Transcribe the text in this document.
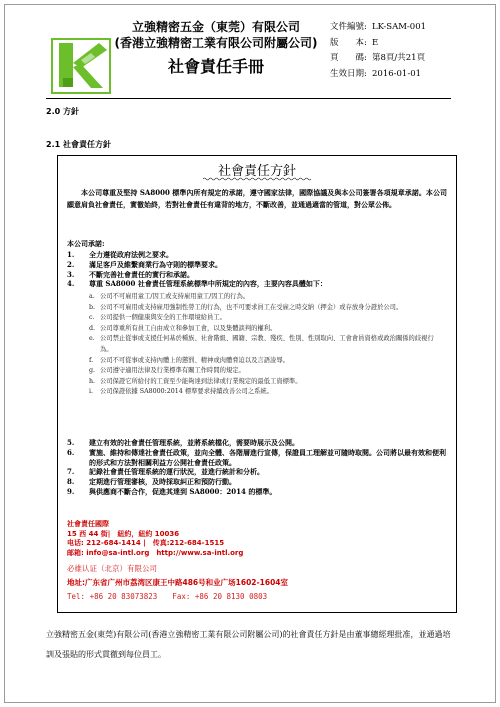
立強精密五金（東莞）有限公司
(香港立強精密工業有限公司附屬公司)
社會責任手冊
文件編號: LK-SAM-001
版　　本: E
頁　　碼: 第8頁/共21頁
生效日期: 2016-01-01
2.0 方針
2.1 社會責任方針
社會責任方針
本公司尊重及堅持 SA8000 標準內所有規定的承諾，遵守國家法律，國際協議及與本公司簽署各項規章承諾。本公司願意肩負社會責任，實徹始終，若對社會責任有違背的地方，不斷改善，並通過適當的管道，對公眾公佈。
本公司承諾:
1.	全力遵從政府法例之要求。
2.	滿足客戶及維繫商業行為守則的標準要求。
3.	不斷完善社會責任的實行和承諾。
4.	尊重 SA8000 社會責任管理系統標準中所規定的內容，主要內容具體如下：
a. 公司不可雇用童工/因工或支持雇用童工/因工的行為。
b. 公司不可雇用或支持雇用強制性勞工的行為，也不可要求員工在受雇之時交納（押金）或存放身分證於公司。
c. 公司提供一個健康與安全的工作環境給員工。
d. 公司尊重所有員工自由成立和參加工會，以及集體談判的權利。
e. 公司禁止從事或支援任何基於種族、社會階級、國籍、宗教、殘疾、性別、性別取向、工會會員資格或政治關係的歧視行為。
f.	公司不可從事或支持內體上的懲罰、精神或肉體脅迫以及言語淩辱。
g. 公司遵守適用法律及行業標準有關工作時間的規定。
h. 公司保證它所給付的工資至少能夠達到法律或行業規定的最低工資標準。
i.	公司保證依據 SA8000:2014 標準要求持續改善公司之系統。
5.	建立有效的社會責任管理系統，並將系統檔化，需要時展示及公開。
6.	實施、維持和傳達社會責任政策，並向全體、各階層進行宣傳，保證員工理解並可隨時取閱。公司將以最有效和便利的形式和方法對相關利益方公開社會責任政策。
7.	記錄社會責任管理系統的運行狀況，並進行統計和分析。
8.	定期進行管理審核，及時採取糾正和預防行動。
9.	與供應商不斷合作，促進其達到 SA8000：2014 的標準。
社會責任國際
15 西 44 街|　紐約，紐約 10036
电话: 212-684-1414 |　传真:212-684-1515
邮箱: info@sa-intl.org　http://www.sa-intl.org
必維认证（北京）有限公司
地址:广东省广州市荔湾区康王中路486号和业广场1602-1604室
Tel: +86 20 83073823　　Fax: +86 20 8130 0803
立強精密五金(東莞)有限公司(香港立強精密工業有限公司附屬公司)的社會責任方針是由董事總經理批准，並通過培訓及張貼的形式貫徹到每位員工。
